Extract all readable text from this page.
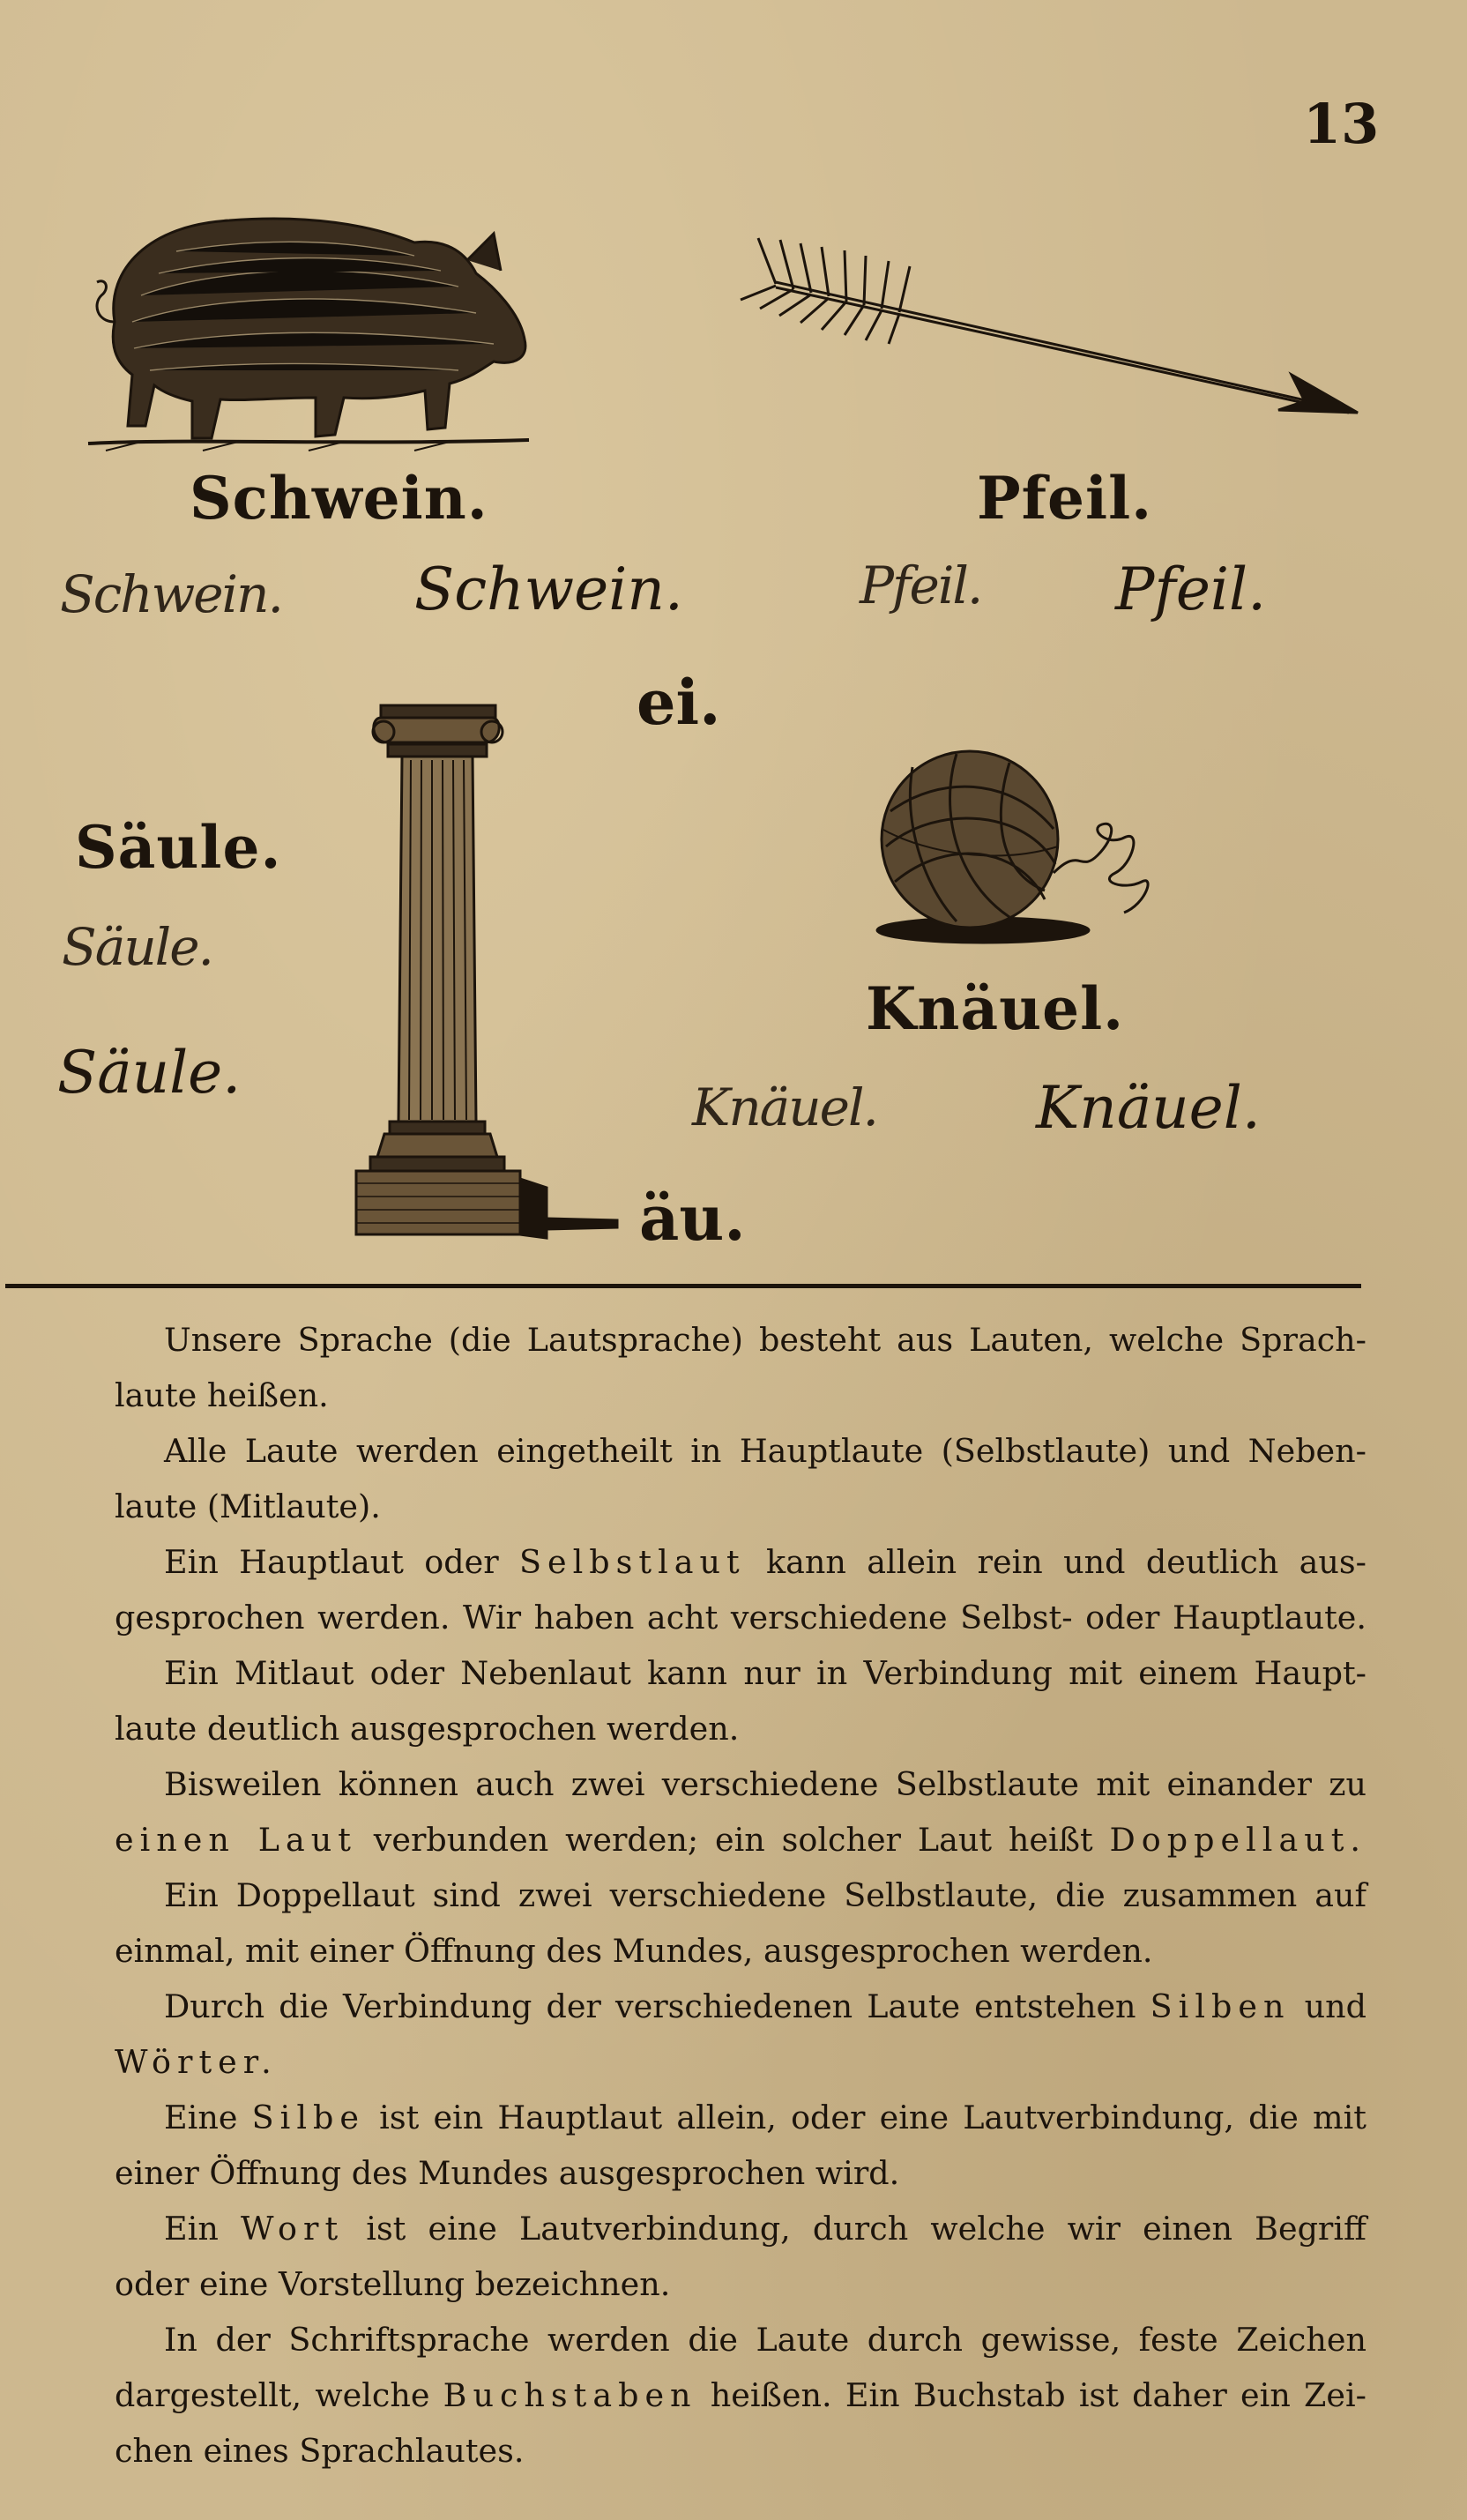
13
Schwein.	Pfeil.
Schwein. Schwein.	Pfeil. Pfeil.
ei.
Säule.
Säule.
Säule.
Knäuel.
Knäuel.	Knäuel.
äu.
Unsere Sprache (die Lautsprache) besteht aus Lauten, welche Sprach-
laute heißen.
Alle Laute werden eingetheilt in Hauptlaute (Selbstlaute) und Neben-
laute (Mitlaute).
Ein Hauptlaut oder Selbstlaut kann allein rein und deutlich aus-
gesprochen werden. Wir haben acht verschiedene Selbst- oder Hauptlaute.
Ein Mitlaut oder Nebenlaut kann nur in Verbindung mit einem Haupt-
laute deutlich ausgesprochen werden.
Bisweilen können auch zwei verschiedene Selbstlaute mit einander zu
einen Laut verbunden werden; ein solcher Laut heißt Doppellaut.
Ein Doppellaut sind zwei verschiedene Selbstlaute, die zusammen auf
einmal, mit einer Öffnung des Mundes, ausgesprochen werden.
Durch die Verbindung der verschiedenen Laute entstehen Silben und
Wörter.
Eine Silbe ist ein Hauptlaut allein, oder eine Lautverbindung, die mit
einer Öffnung des Mundes ausgesprochen wird.
Ein Wort ist eine Lautverbindung, durch welche wir einen Begriff
oder eine Vorstellung bezeichnen.
In der Schriftsprache werden die Laute durch gewisse, feste Zeichen
dargestellt, welche Buchstaben heißen. Ein Buchstab ist daher ein Zei-
chen eines Sprachlautes.
